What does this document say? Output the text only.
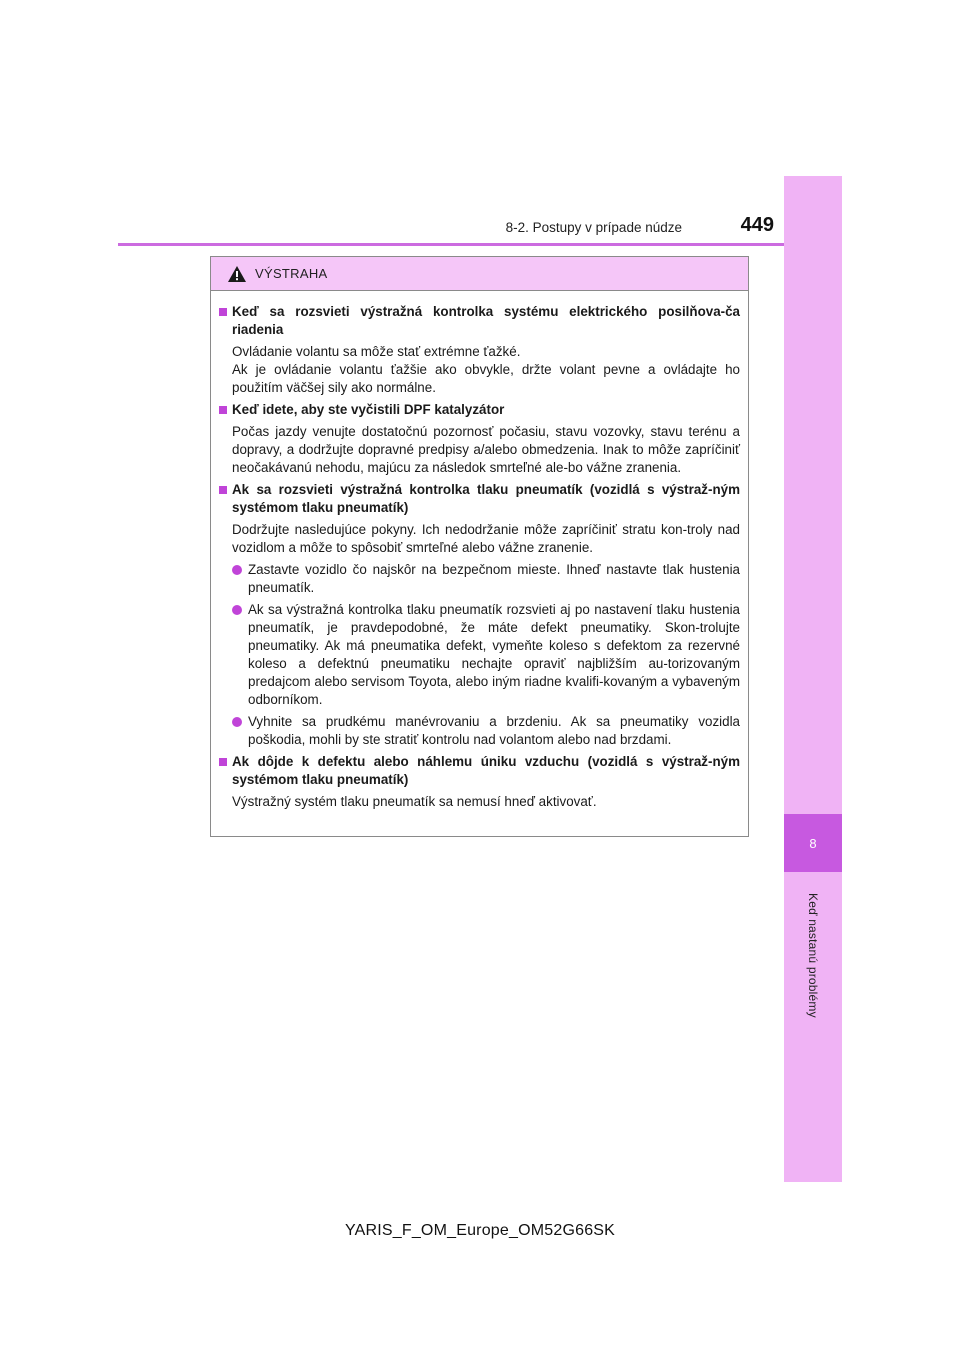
8
Keď nastanú problémy
8-2. Postupy v prípade núdze	449
VÝSTRAHA
Keď sa rozsvieti výstražná kontrolka systému elektrického posilňova-ča riadenia

Ovládanie volantu sa môže stať extrémne ťažké.

Ak je ovládanie volantu ťažšie ako obvykle, držte volant pevne a ovládajte ho použitím väčšej sily ako normálne.

Keď idete, aby ste vyčistili DPF katalyzátor

Počas jazdy venujte dostatočnú pozornosť počasiu, stavu vozovky, stavu terénu a dopravy, a dodržujte dopravné predpisy a/alebo obmedzenia. Inak to môže zapríčiniť neočakávanú nehodu, majúcu za následok smrteľné ale-bo vážne zranenia.

Ak sa rozsvieti výstražná kontrolka tlaku pneumatík (vozidlá s výstraž-ným systémom tlaku pneumatík)

Dodržujte nasledujúce pokyny. Ich nedodržanie môže zapríčiniť stratu kon-troly nad vozidlom a môže to spôsobiť smrteľné alebo vážne zranenie.

Zastavte vozidlo čo najskôr na bezpečnom mieste. Ihneď nastavte tlak hustenia pneumatík.
Ak sa výstražná kontrolka tlaku pneumatík rozsvieti aj po nastavení tlaku hustenia pneumatík, je pravdepodobné, že máte defekt pneumatiky. Skon-trolujte pneumatiky. Ak má pneumatika defekt, vymeňte koleso s defektom za rezervné koleso a defektnú pneumatiku nechajte opraviť najbližším au-torizovaným predajcom alebo servisom Toyota, alebo iným riadne kvalifi-kovaným a vybaveným odborníkom.
Vyhnite sa prudkému manévrovaniu a brzdeniu. Ak sa pneumatiky vozidla poškodia, mohli by ste stratiť kontrolu nad volantom alebo nad brzdami.
Ak dôjde k defektu alebo náhlemu úniku vzduchu (vozidlá s výstraž-ným systémom tlaku pneumatík)

Výstražný systém tlaku pneumatík sa nemusí hneď aktivovať.

YARIS_F_OM_Europe_OM52G66SK
